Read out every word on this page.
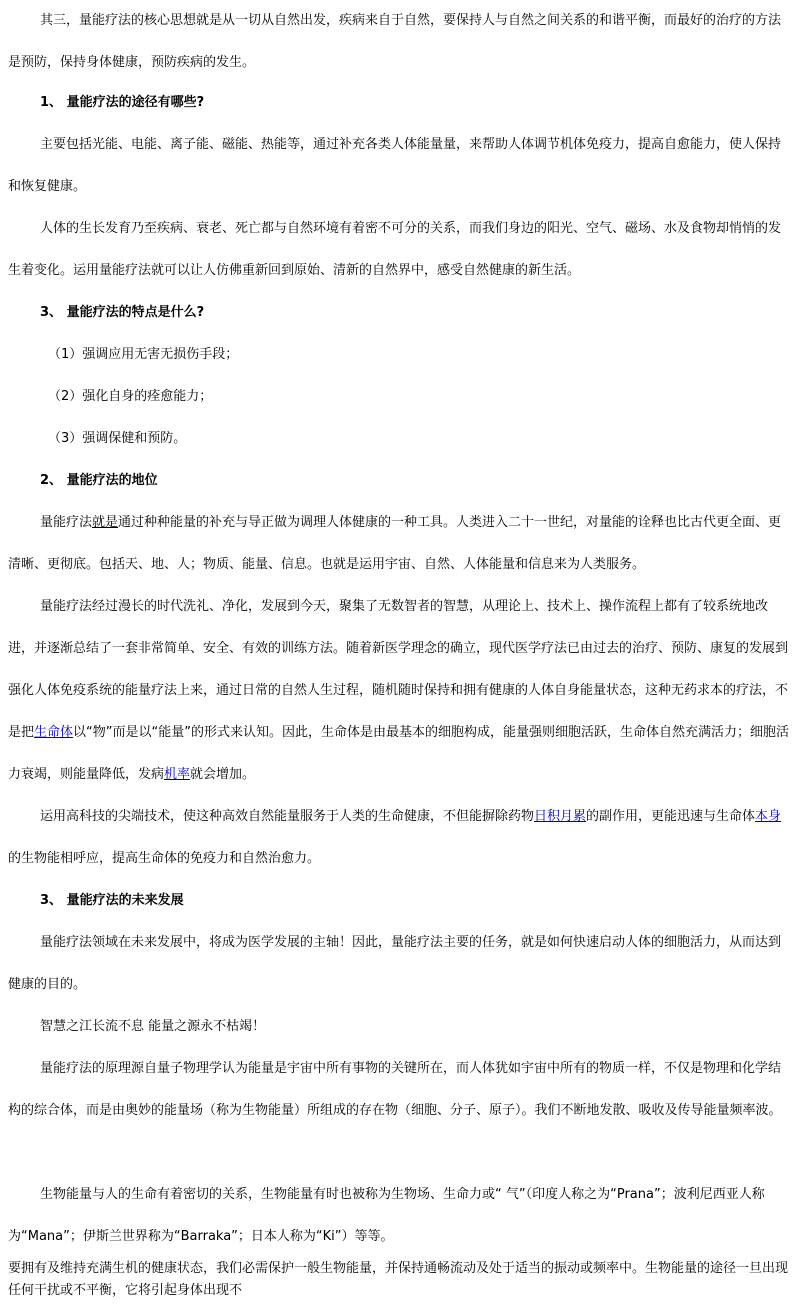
其三，量能疗法的核心思想就是从一切从自然出发，疾病来自于自然，要保持人与自然之间关系的和谐平衡，而最好的治疗的方法是预防，保持身体健康，预防疾病的发生。

1、 量能疗法的途径有哪些?

主要包括光能、电能、离子能、磁能、热能等，通过补充各类人体能量量，来帮助人体调节机体免疫力，提高自愈能力，使人保持和恢复健康。

人体的生长发育乃至疾病、衰老、死亡都与自然环境有着密不可分的关系，而我们身边的阳光、空气、磁场、水及食物却悄悄的发生着变化。运用量能疗法就可以让人仿佛重新回到原始、清新的自然界中，感受自然健康的新生活。

3、 量能疗法的特点是什么?

（1）强调应用无害无损伤手段；

（2）强化自身的痊愈能力；

（3）强调保健和预防。

2、 量能疗法的地位

量能疗法就是通过种种能量的补充与导正做为调理人体健康的一种工具。人类进入二十一世纪，对量能的诠释也比古代更全面、更清晰、更彻底。包括天、地、人；物质、能量、信息。也就是运用宇宙、自然、人体能量和信息来为人类服务。

量能疗法经过漫长的时代洗礼、净化，发展到今天，聚集了无数智者的智慧，从理论上、技术上、操作流程上都有了较系统地改进，并逐渐总结了一套非常简单、安全、有效的训练方法。随着新医学理念的确立，现代医学疗法已由过去的治疗、预防、康复的发展到强化人体免疫系统的能量疗法上来，通过日常的自然人生过程，随机随时保持和拥有健康的人体自身能量状态，这种无药求本的疗法，不是把生命体以“物”而是以“能量”的形式来认知。因此，生命体是由最基本的细胞构成，能量强则细胞活跃，生命体自然充满活力；细胞活力衰竭，则能量降低，发病机率就会增加。

运用高科技的尖端技术，使这种高效自然能量服务于人类的生命健康，不但能摒除药物日积月累的副作用，更能迅速与生命体本身的生物能相呼应，提高生命体的免疫力和自然治愈力。

3、 量能疗法的未来发展

量能疗法领域在未来发展中，将成为医学发展的主轴！因此，量能疗法主要的任务，就是如何快速启动人体的细胞活力，从而达到健康的目的。

智慧之江长流不息 能量之源永不枯竭！

量能疗法的原理源自量子物理学认为能量是宇宙中所有事物的关键所在，而人体犹如宇宙中所有的物质一样，不仅是物理和化学结构的综合体，而是由奥妙的能量场（称为生物能量）所组成的存在物（细胞、分子、原子）。我们不断地发散、吸收及传导能量频率波。

生物能量与人的生命有着密切的关系，生物能量有时也被称为生物场、生命力或“ 气”（印度人称之为“Prana”；波利尼西亚人称为“Mana”；伊斯兰世界称为“Barraka”；日本人称为“Ki”）等等。

要拥有及维持充满生机的健康状态，我们必需保护一般生物能量，并保持通畅流动及处于适当的振动或频率中。生物能量的途径一旦出现任何干扰或不平衡，它将引起身体出现不
